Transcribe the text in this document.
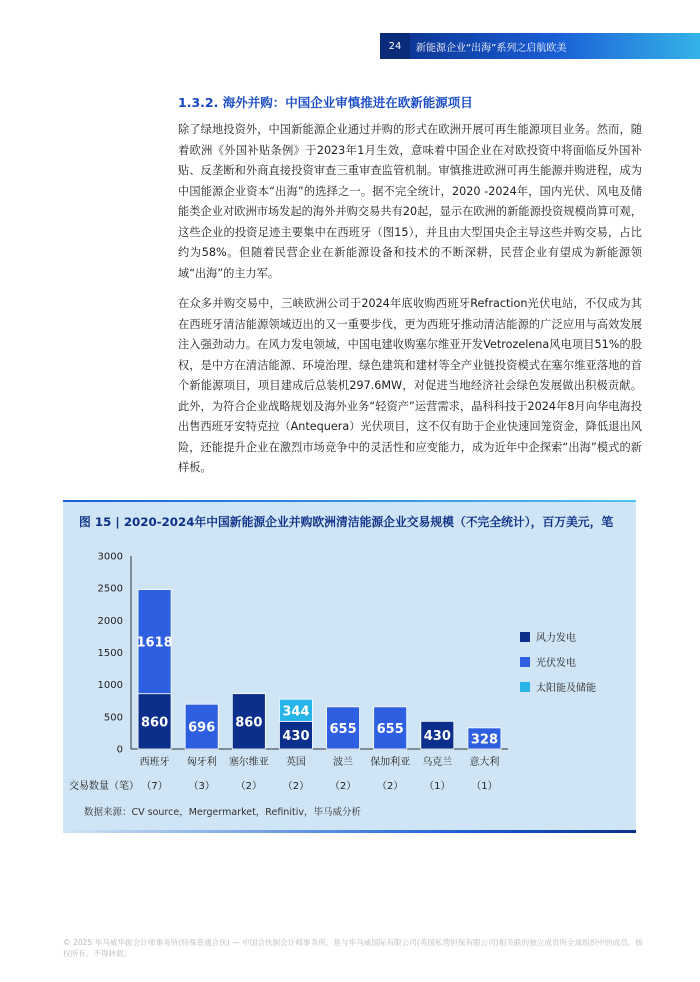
24	新能源企业“出海”系列之启航欧美
1.3.2. 海外并购：中国企业审慎推进在欧新能源项目

除了绿地投资外，中国新能源企业通过并购的形式在欧洲开展可再生能源项目业务。然而，随着欧洲《外国补贴条例》于2023年1月生效，意味着中国企业在对欧投资中将面临反外国补贴、反垄断和外商直接投资审查三重审查监管机制。审慎推进欧洲可再生能源并购进程，成为中国能源企业资本“出海”的选择之一。据不完全统计，2020 -2024年，国内光伏、风电及储能类企业对欧洲市场发起的海外并购交易共有20起，显示在欧洲的新能源投资规模尚算可观，这些企业的投资足迹主要集中在西班牙（图15），并且由大型国央企主导这些并购交易，占比约为58%。但随着民营企业在新能源设备和技术的不断深耕，民营企业有望成为新能源领域“出海”的主力军。

在众多并购交易中，三峡欧洲公司于2024年底收购西班牙Refraction光伏电站，不仅成为其在西班牙清洁能源领域迈出的又一重要步伐，更为西班牙推动清洁能源的广泛应用与高效发展注入强劲动力。在风力发电领域，中国电建收购塞尔维亚开发Vetrozelena风电项目51%的股权，是中方在清洁能源、环境治理、绿色建筑和建材等全产业链投资模式在塞尔维亚落地的首个新能源项目，项目建成后总装机297.6MW，对促进当地经济社会绿色发展做出积极贡献。此外，为符合企业战略规划及海外业务“轻资产”运营需求，晶科科技于2024年8月向华电海投出售西班牙安特克拉（Antequera）光伏项目，这不仅有助于企业快速回笼资金，降低退出风险，还能提升企业在激烈市场竞争中的灵活性和应变能力，成为近年中企探索“出海”模式的新样板。

图 15 | 2020-2024年中国新能源企业并购欧洲清洁能源企业交易规模（不完全统计），百万美元，笔

0
500
1000
1500
2000
2500
3000
860
1618
西班牙
（7）
696
匈牙利
（3）
860
塞尔维亚
（2）
430
344
英国
（2）
655
波兰
（2）
655
保加利亚
（2）
430
乌克兰
（1）
328
意大利
（1）
交易数量（笔）
风力发电
光伏发电
太阳能及储能
数据来源：CV source，Mergermarket，Refinitiv，毕马威分析

© 2025 毕马威华振会计师事务所(特殊普通合伙) — 中国合伙制会计师事务所，是与毕马威国际有限公司(英国私营担保有限公司)相关联的独立成员所全球组织中的成员。版权所有，不得转载。
